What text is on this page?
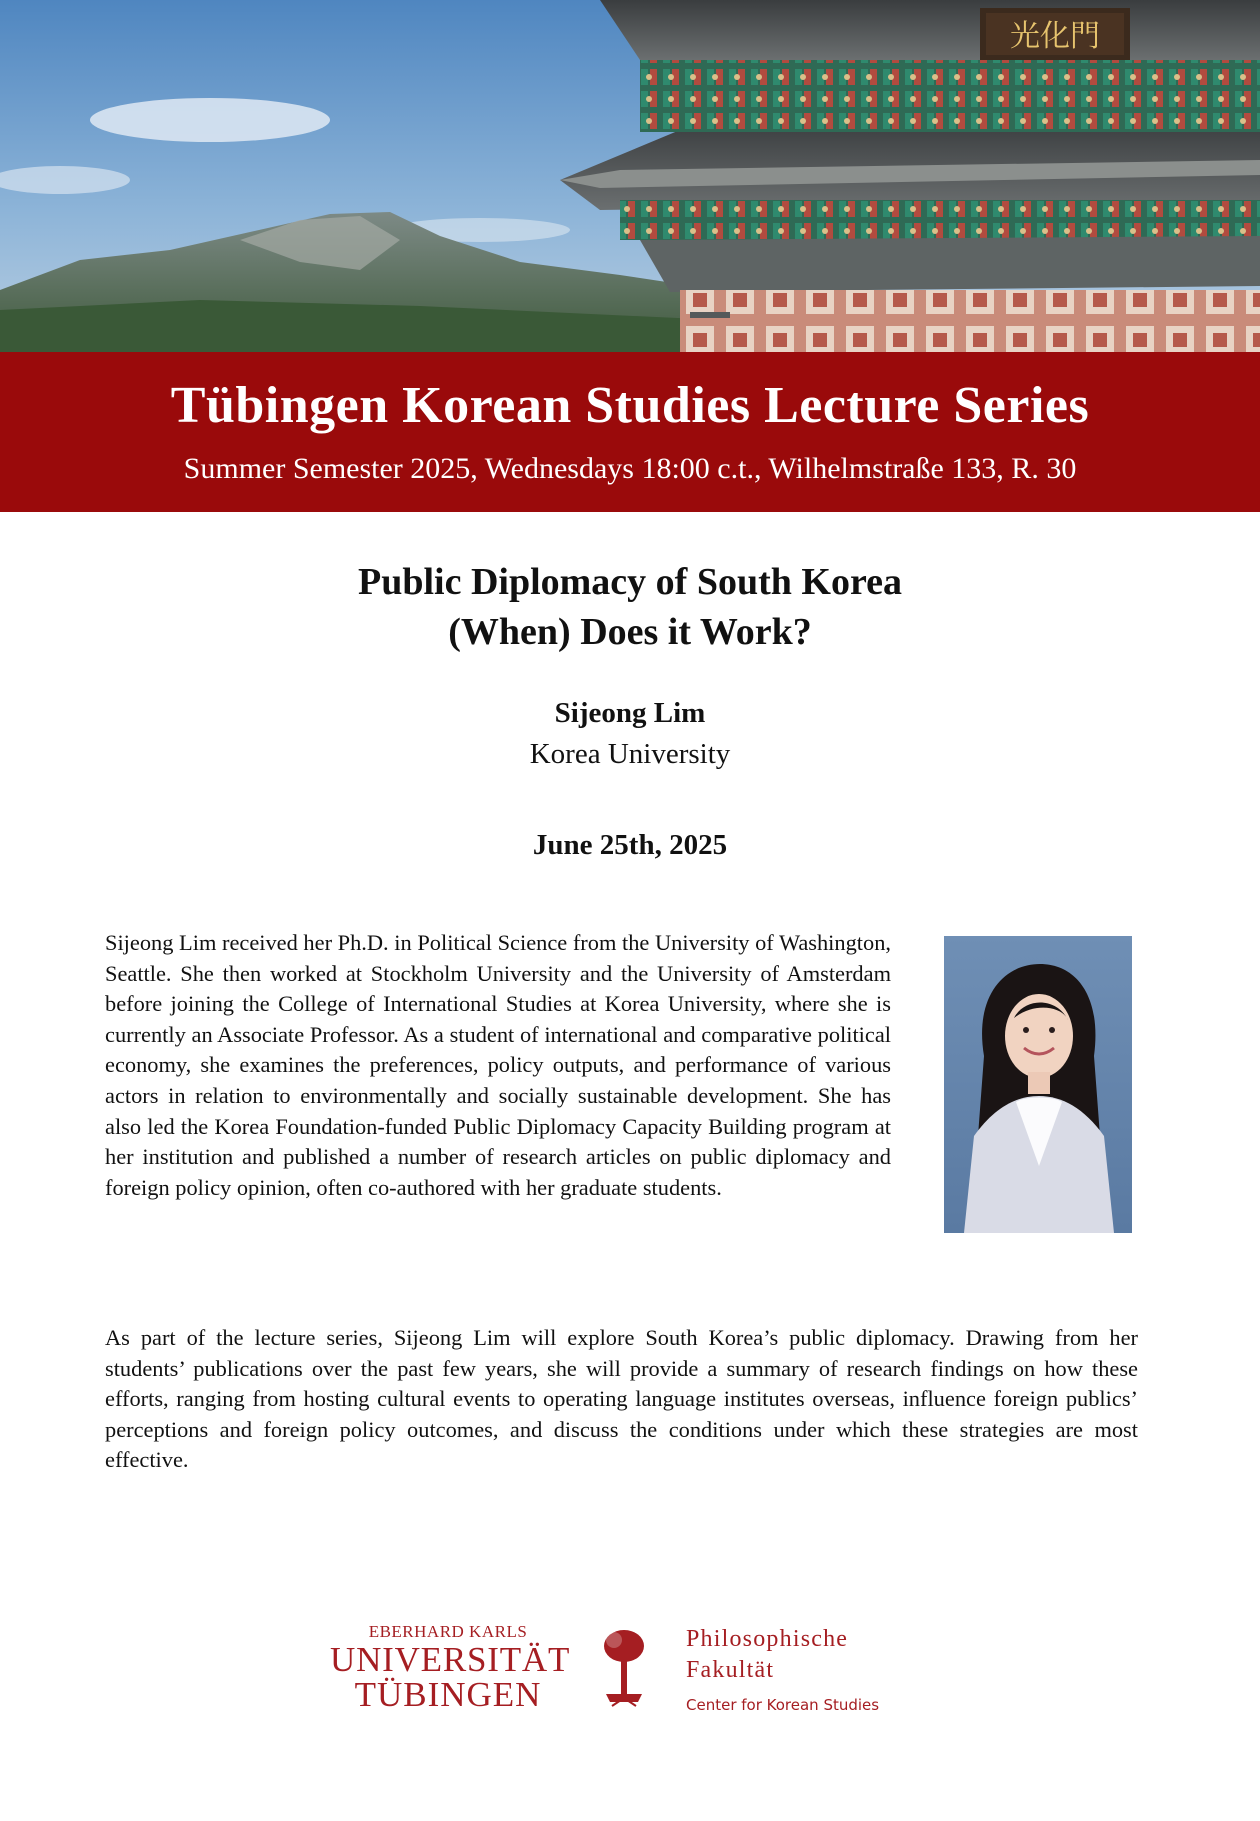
光化門
Tübingen Korean Studies Lecture Series
Summer Semester 2025, Wednesdays 18:00 c.t., Wilhelmstraße 133, R. 30
Public Diplomacy of South Korea
(When) Does it Work?
Sijeong Lim
Korea University
June 25th, 2025

Sijeong Lim received her Ph.D. in Political Science from the University of Washington, Seattle. She then worked at Stockholm University and the University of Amsterdam before joining the College of International Studies at Korea University, where she is currently an Associate Professor. As a student of international and comparative political economy, she examines the preferences, policy outputs, and performance of various actors in relation to environmentally and socially sustainable development. She has also led the Korea Foundation-funded Public Diplomacy Capacity Building program at her institution and published a number of research articles on public diplomacy and foreign policy opinion, often co-authored with her graduate students.

As part of the lecture series, Sijeong Lim will explore South Korea’s public diplomacy. Drawing from her students’ publications over the past few years, she will provide a summary of research findings on how these efforts, ranging from hosting cultural events to operating language institutes overseas, influence foreign publics’ perceptions and foreign policy outcomes, and discuss the conditions under which these strategies are most effective.

EBERHARD KARLS
UNIVERSITÄT
TÜBINGEN
Philosophische
Fakultät
Center for Korean Studies
